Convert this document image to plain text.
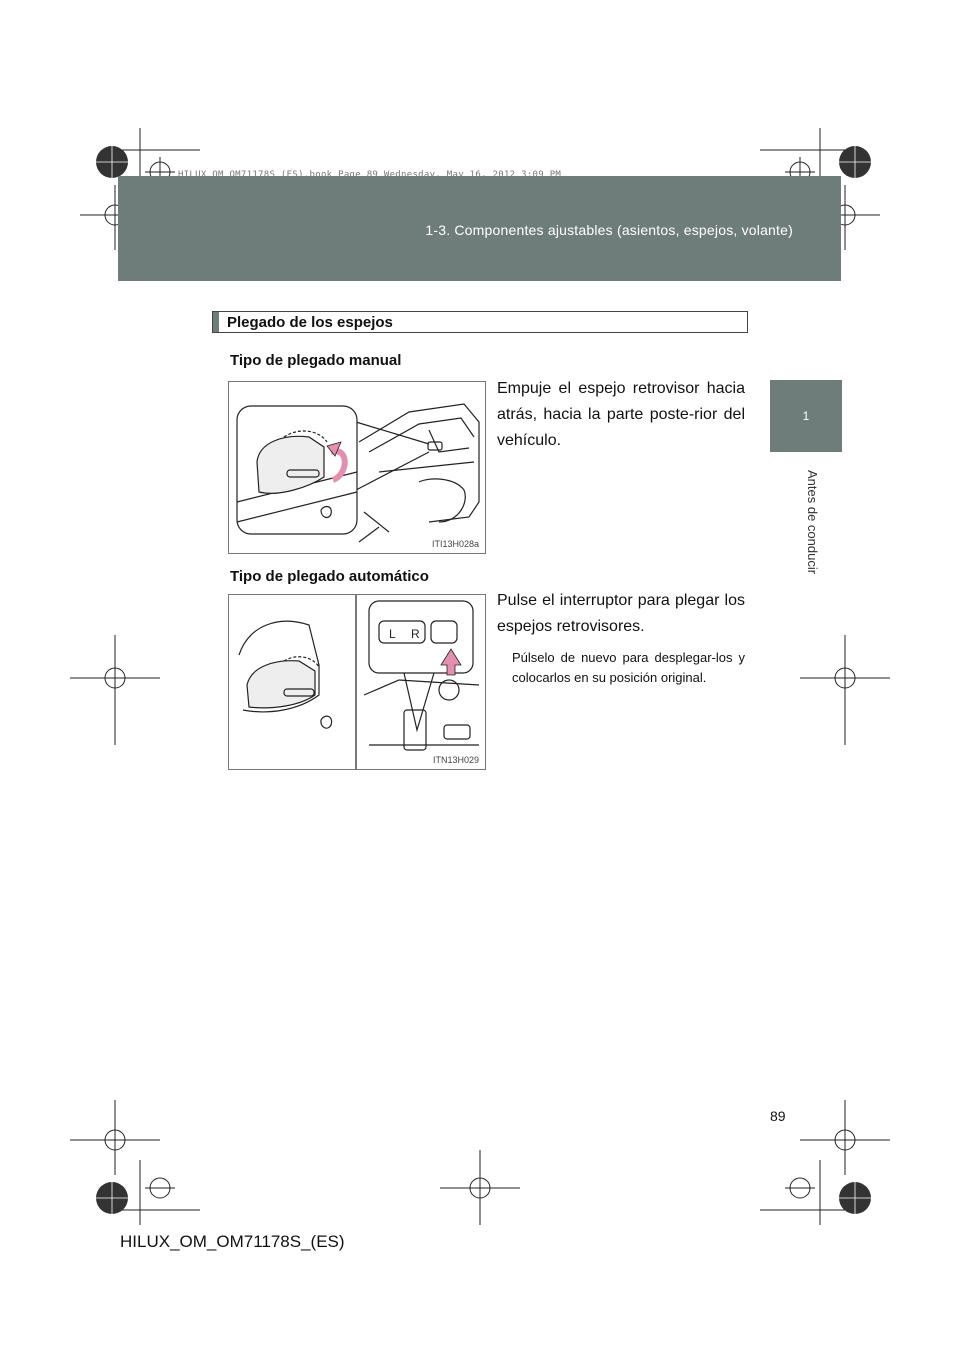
1-3. Componentes ajustables (asientos, espejos, volante)
HILUX_OM_OM71178S_(ES).book Page 89 Wednesday, May 16, 2012 3:09 PM
1
Antes de conducir
Plegado de los espejos
Tipo de plegado manual
Empuje el espejo retrovisor hacia atrás, hacia la parte poste-rior del vehículo.
ITI13H028a
Tipo de plegado automático
Pulse el interruptor para plegar los espejos retrovisores.
Púlselo de nuevo para desplegar-los y colocarlos en su posición original.
L R
ITN13H029
89
HILUX_OM_OM71178S_(ES)
